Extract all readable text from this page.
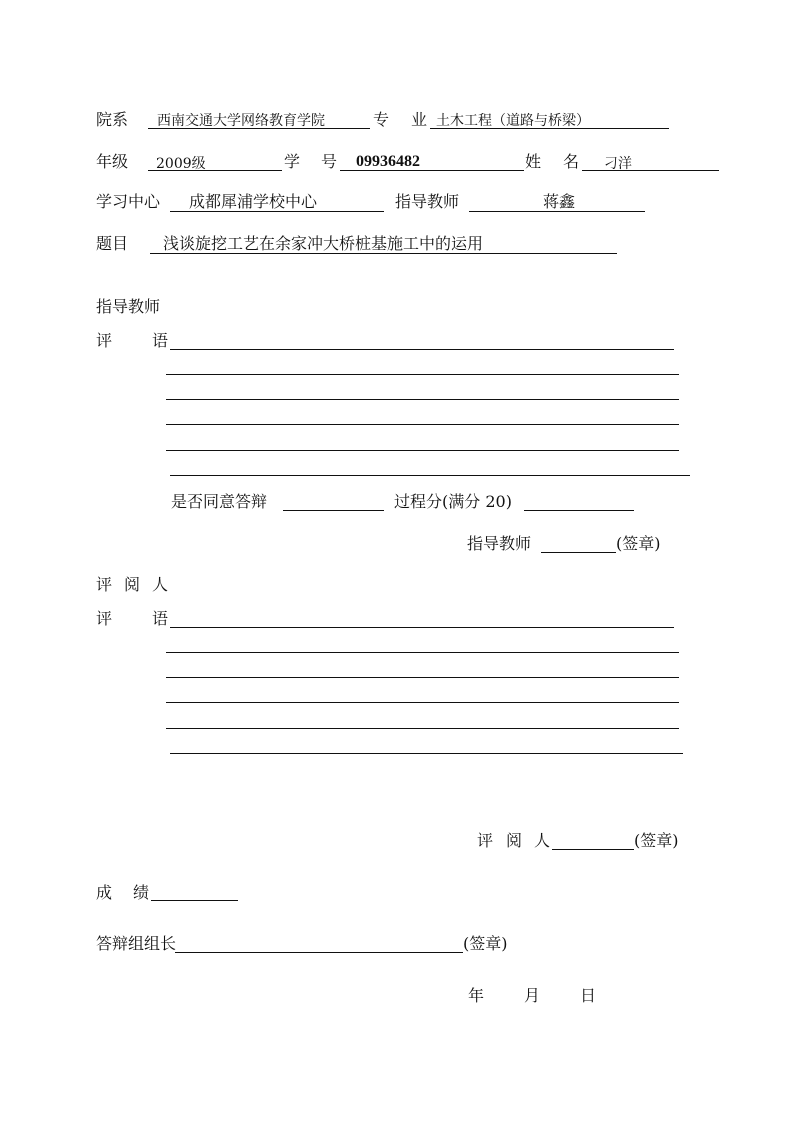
院系 西南交通大学网络教育学院	专 业 土木工程（道路与桥梁）
年级 2009级	学 号 09936482	姓 名 刁洋
学习中心 成都犀浦学校中心	指导教师	蒋鑫
题目 浅谈旋挖工艺在余家冲大桥桩基施工中的运用
指导教师
评 语
是否同意答辩	过程分(满分 20)
指导教师	(签章)
评 阅 人
评 语
评 阅 人	(签章)
成 绩
答辩组组长	(签章)
年 月 日
